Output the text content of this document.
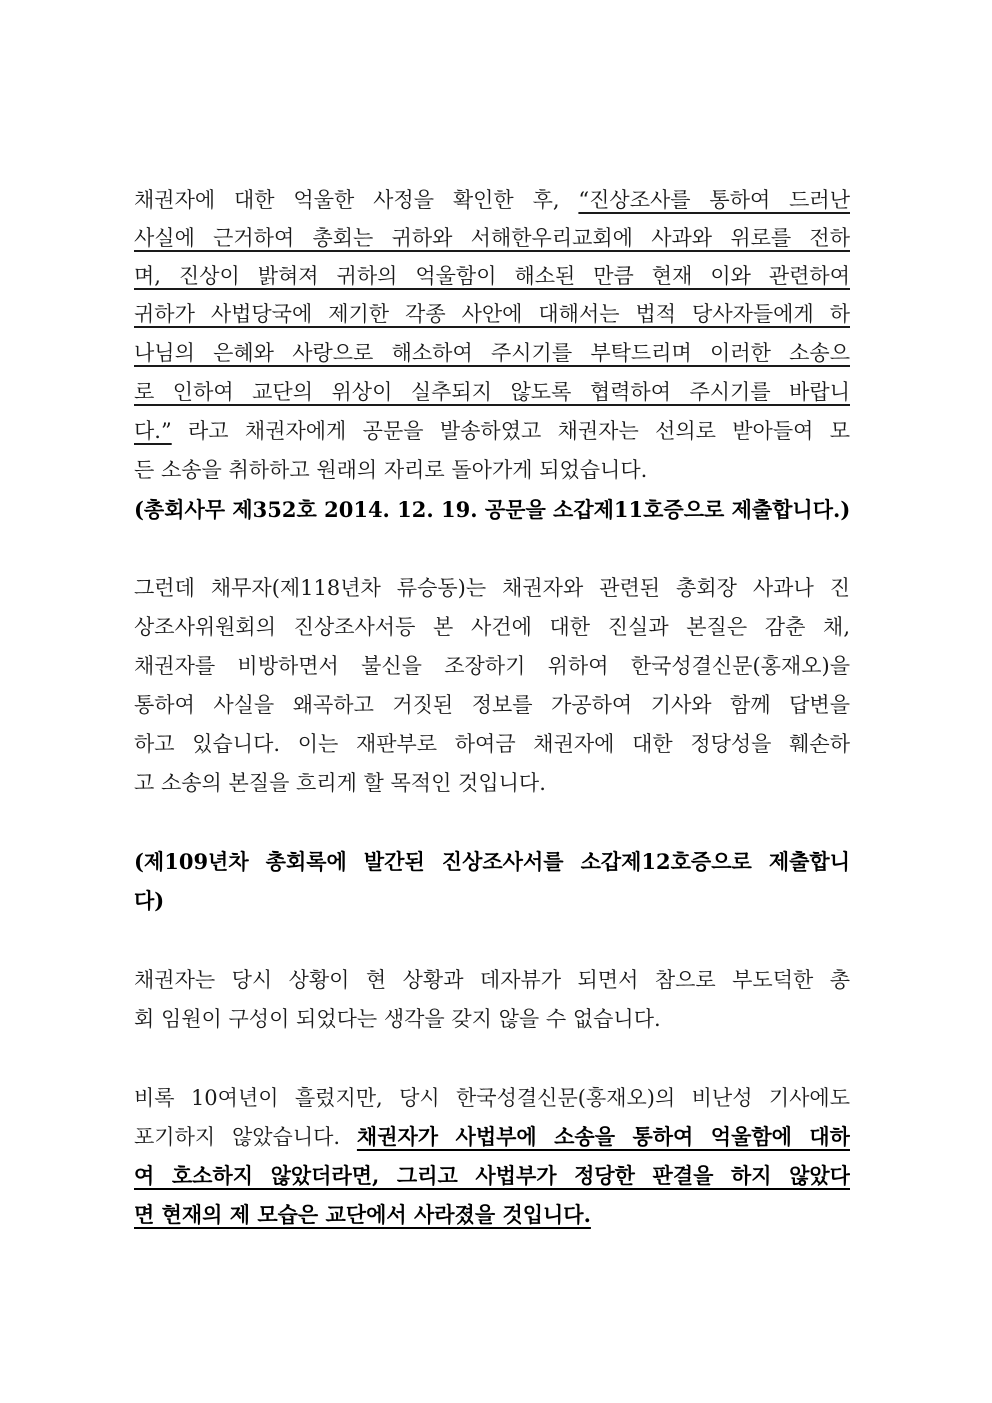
채권자에 대한 억울한 사정을 확인한 후, “진상조사를 통하여 드러난
사실에 근거하여 총회는 귀하와 서해한우리교회에 사과와 위로를 전하
며, 진상이 밝혀져 귀하의 억울함이 해소된 만큼 현재 이와 관련하여
귀하가 사법당국에 제기한 각종 사안에 대해서는 법적 당사자들에게 하
나님의 은혜와 사랑으로 해소하여 주시기를 부탁드리며 이러한 소송으
로 인하여 교단의 위상이 실추되지 않도록 협력하여 주시기를 바랍니
다.” 라고 채권자에게 공문을 발송하였고 채권자는 선의로 받아들여 모
든 소송을 취하하고 원래의 자리로 돌아가게 되었습니다.
(총회사무 제352호 2014. 12. 19. 공문을 소갑제11호증으로 제출합니다.)
그런데 채무자(제118년차 류승동)는 채권자와 관련된 총회장 사과나 진
상조사위원회의 진상조사서등 본 사건에 대한 진실과 본질은 감춘 채,
채권자를 비방하면서 불신을 조장하기 위하여 한국성결신문(홍재오)을
통하여 사실을 왜곡하고 거짓된 정보를 가공하여 기사와 함께 답변을
하고 있습니다. 이는 재판부로 하여금 채권자에 대한 정당성을 훼손하
고 소송의 본질을 흐리게 할 목적인 것입니다.
(제109년차 총회록에 발간된 진상조사서를 소갑제12호증으로 제출합니
다)
채권자는 당시 상황이 현 상황과 데자뷰가 되면서 참으로 부도덕한 총
회 임원이 구성이 되었다는 생각을 갖지 않을 수 없습니다.
비록 10여년이 흘렀지만, 당시 한국성결신문(홍재오)의 비난성 기사에도
포기하지 않았습니다. 채권자가 사법부에 소송을 통하여 억울함에 대하
여 호소하지 않았더라면, 그리고 사법부가 정당한 판결을 하지 않았다
면 현재의 제 모습은 교단에서 사라졌을 것입니다.
